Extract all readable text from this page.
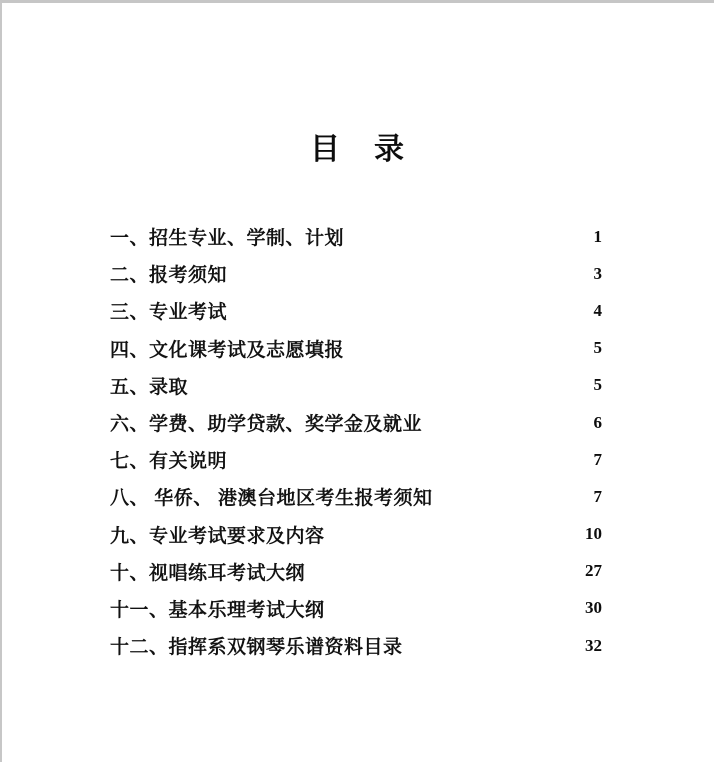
目　录
一、招生专业、学制、计划	1
二、报考须知	3
三、专业考试	4
四、文化课考试及志愿填报	5
五、录取	5
六、学费、助学贷款、奖学金及就业	6
七、有关说明	7
八、 华侨、 港澳台地区考生报考须知	7
九、专业考试要求及内容	10
十、视唱练耳考试大纲	27
十一、基本乐理考试大纲	30
十二、指挥系双钢琴乐谱资料目录	32
